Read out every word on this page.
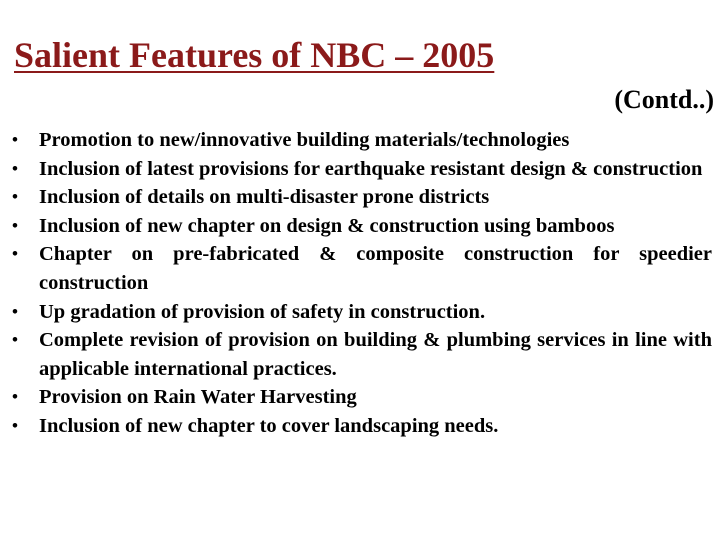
Salient Features of NBC – 2005
(Contd..)
• Promotion to new/innovative building materials/technologies
• Inclusion of latest provisions for earthquake resistant design & construction
• Inclusion of details on multi-disaster prone districts
• Inclusion of new chapter on design & construction using bamboos
• Chapter on pre-fabricated & composite construction for speedier construction
• Up gradation of provision of safety in construction.
• Complete revision of provision on building & plumbing services in line with applicable international practices.
• Provision on Rain Water Harvesting
• Inclusion of new chapter to cover landscaping needs.
